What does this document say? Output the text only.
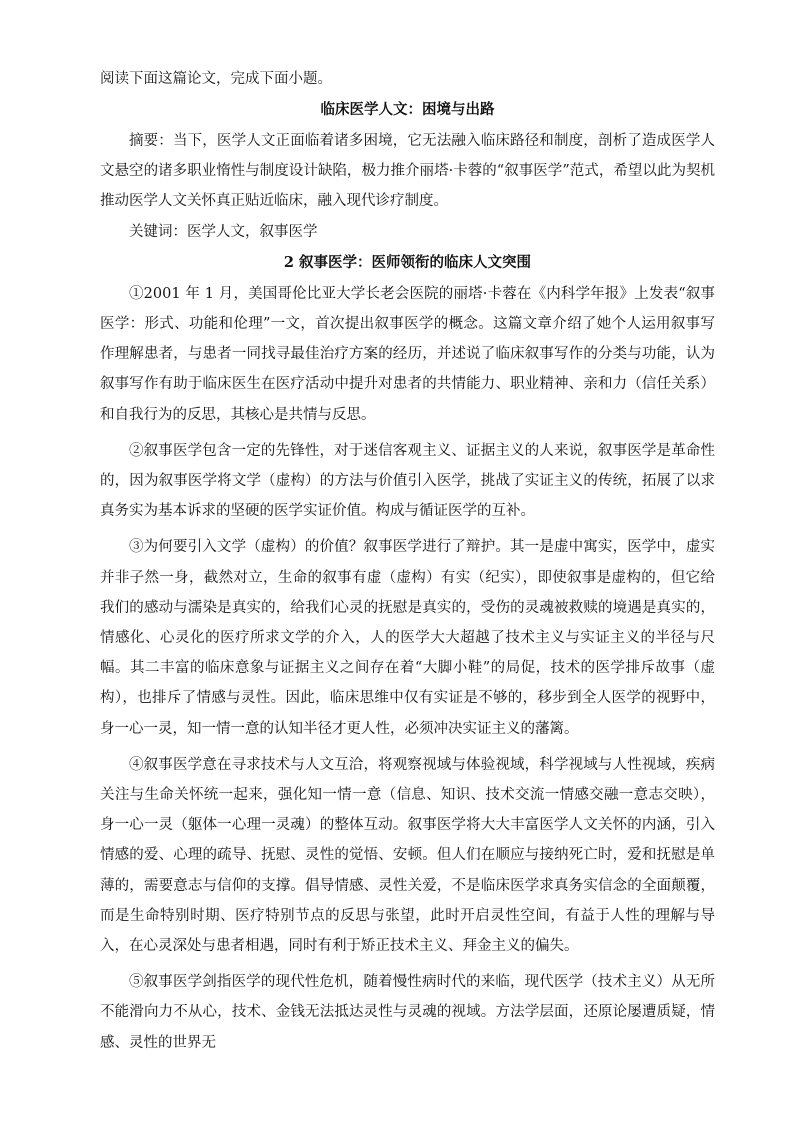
阅读下面这篇论文，完成下面小题。

临床医学人文：困境与出路

摘要：当下，医学人文正面临着诸多困境，它无法融入临床路径和制度，剖析了造成医学人文悬空的诸多职业惰性与制度设计缺陷，极力推介丽塔·卡蓉的“叙事医学”范式，希望以此为契机推动医学人文关怀真正贴近临床，融入现代诊疗制度。

关键词：医学人文，叙事医学

2 叙事医学：医师领衔的临床人文突围

①2001 年 1 月，美国哥伦比亚大学长老会医院的丽塔·卡蓉在《内科学年报》上发表“叙事医学：形式、功能和伦理”一文，首次提出叙事医学的概念。这篇文章介绍了她个人运用叙事写作理解患者，与患者一同找寻最佳治疗方案的经历，并述说了临床叙事写作的分类与功能，认为叙事写作有助于临床医生在医疗活动中提升对患者的共情能力、职业精神、亲和力（信任关系）和自我行为的反思，其核心是共情与反思。

②叙事医学包含一定的先锋性，对于迷信客观主义、证据主义的人来说，叙事医学是革命性的，因为叙事医学将文学（虚构）的方法与价值引入医学，挑战了实证主义的传统，拓展了以求真务实为基本诉求的坚硬的医学实证价值。构成与循证医学的互补。

③为何要引入文学（虚构）的价值？叙事医学进行了辩护。其一是虚中寓实，医学中，虚实并非子然一身，截然对立，生命的叙事有虚（虚构）有实（纪实），即使叙事是虚构的，但它给我们的感动与濡染是真实的，给我们心灵的抚慰是真实的，受伤的灵魂被救赎的境遇是真实的，情感化、心灵化的医疗所求文学的介入，人的医学大大超越了技术主义与实证主义的半径与尺幅。其二丰富的临床意象与证据主义之间存在着“大脚小鞋”的局促，技术的医学排斥故事（虚构），也排斥了情感与灵性。因此，临床思维中仅有实证是不够的，移步到全人医学的视野中，身一心一灵，知一情一意的认知半径才更人性，必须冲决实证主义的藩篱。

④叙事医学意在寻求技术与人文互洽，将观察视域与体验视域，科学视域与人性视域，疾病关注与生命关怀统一起来，强化知一情一意（信息、知识、技术交流一情感交融一意志交映），身一心一灵（躯体一心理一灵魂）的整体互动。叙事医学将大大丰富医学人文关怀的内涵，引入情感的爱、心理的疏导、抚慰、灵性的觉悟、安顿。但人们在顺应与接纳死亡时，爱和抚慰是单薄的，需要意志与信仰的支撑。倡导情感、灵性关爱，不是临床医学求真务实信念的全面颠覆，而是生命特别时期、医疗特别节点的反思与张望，此时开启灵性空间，有益于人性的理解与导入，在心灵深处与患者相遇，同时有利于矫正技术主义、拜金主义的偏失。

⑤叙事医学剑指医学的现代性危机，随着慢性病时代的来临，现代医学（技术主义）从无所不能滑向力不从心，技术、金钱无法抵达灵性与灵魂的视域。方法学层面，还原论屡遭质疑，情感、灵性的世界无
